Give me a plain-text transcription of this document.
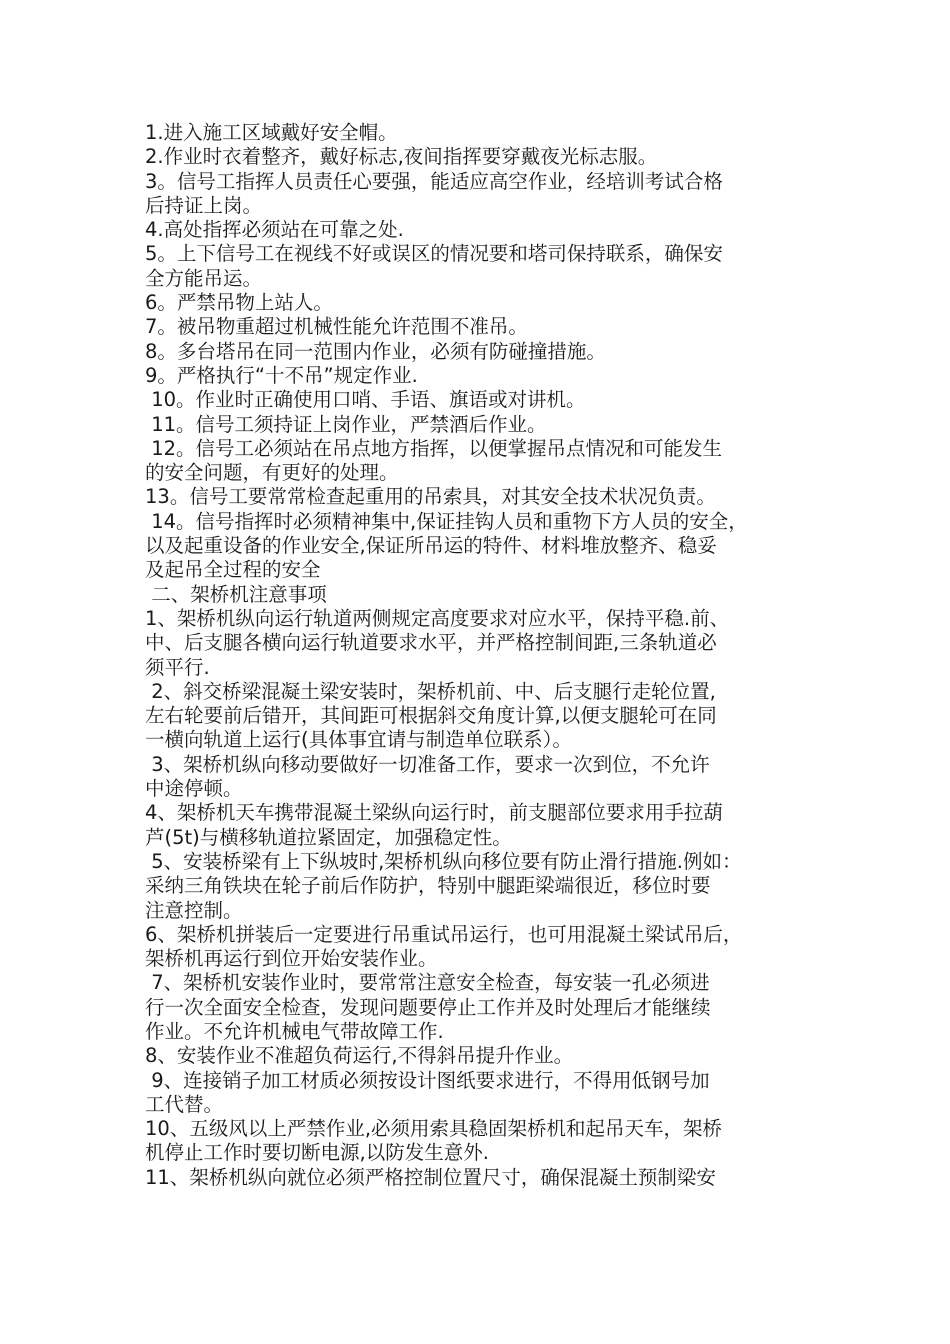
1.进入施工区域戴好安全帽。
2.作业时衣着整齐，戴好标志,夜间指挥要穿戴夜光标志服。
3。信号工指挥人员责任心要强，能适应高空作业，经培训考试合格
后持证上岗。
4.高处指挥必须站在可靠之处.
5。上下信号工在视线不好或误区的情况要和塔司保持联系，确保安
全方能吊运。
6。严禁吊物上站人。
7。被吊物重超过机械性能允许范围不准吊。
8。多台塔吊在同一范围内作业，必须有防碰撞措施。
9。严格执行“十不吊”规定作业.
10。作业时正确使用口哨、手语、旗语或对讲机。
11。信号工须持证上岗作业，严禁酒后作业。
12。信号工必须站在吊点地方指挥，以便掌握吊点情况和可能发生
的安全问题，有更好的处理。
13。信号工要常常检查起重用的吊索具，对其安全技术状况负责。
14。信号指挥时必须精神集中,保证挂钩人员和重物下方人员的安全，
以及起重设备的作业安全,保证所吊运的特件、材料堆放整齐、稳妥
及起吊全过程的安全
二、架桥机注意事项
1、架桥机纵向运行轨道两侧规定高度要求对应水平，保持平稳.前、
中、后支腿各横向运行轨道要求水平，并严格控制间距,三条轨道必
须平行.
2、斜交桥梁混凝土梁安装时，架桥机前、中、后支腿行走轮位置,
左右轮要前后错开，其间距可根据斜交角度计算,以便支腿轮可在同
一横向轨道上运行(具体事宜请与制造单位联系）。
3、架桥机纵向移动要做好一切准备工作，要求一次到位，不允许
中途停顿。
4、架桥机天车携带混凝土梁纵向运行时，前支腿部位要求用手拉葫
芦(5t)与横移轨道拉紧固定，加强稳定性。
5、安装桥梁有上下纵坡时,架桥机纵向移位要有防止滑行措施.例如：
采纳三角铁块在轮子前后作防护，特别中腿距梁端很近，移位时要
注意控制。
6、架桥机拼装后一定要进行吊重试吊运行，也可用混凝土梁试吊后，
架桥机再运行到位开始安装作业。
7、架桥机安装作业时，要常常注意安全检查，每安装一孔必须进
行一次全面安全检查，发现问题要停止工作并及时处理后才能继续
作业。不允许机械电气带故障工作.
8、安装作业不准超负荷运行,不得斜吊提升作业。
9、连接销子加工材质必须按设计图纸要求进行，不得用低钢号加
工代替。
10、五级风以上严禁作业,必须用索具稳固架桥机和起吊天车，架桥
机停止工作时要切断电源,以防发生意外.
11、架桥机纵向就位必须严格控制位置尺寸，确保混凝土预制梁安
